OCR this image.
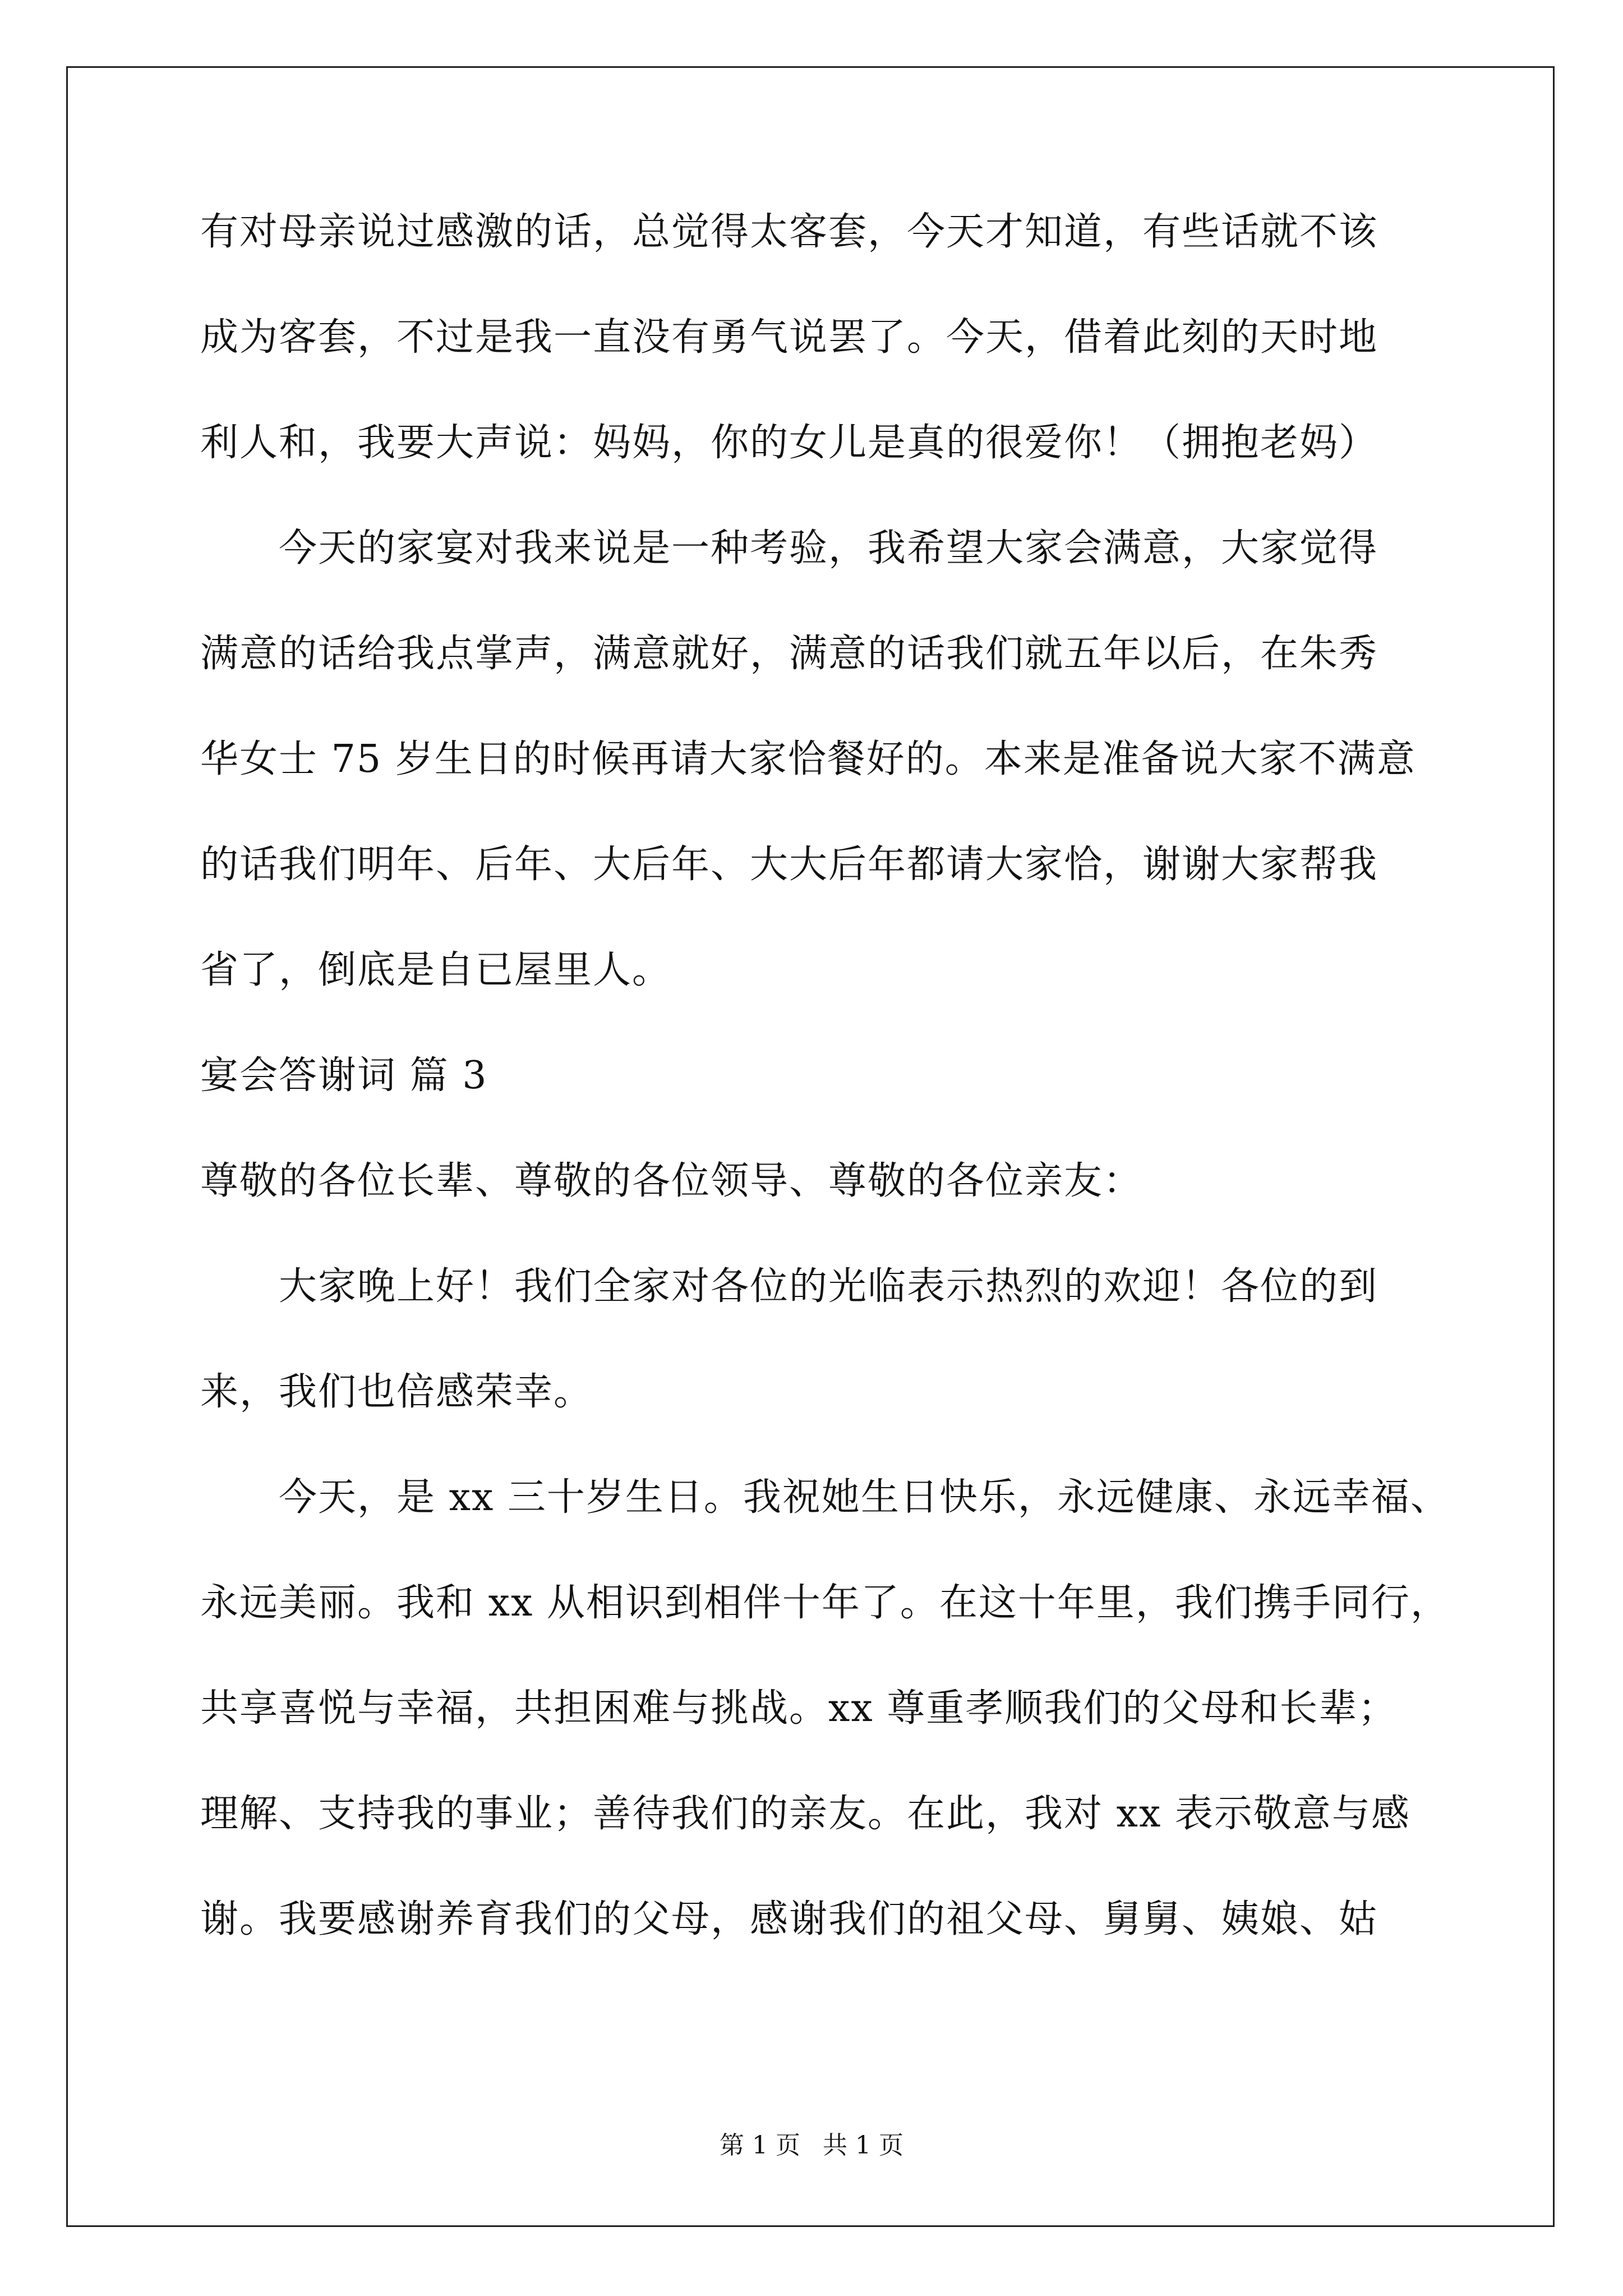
有对母亲说过感激的话，总觉得太客套，今天才知道，有些话就不该
成为客套，不过是我一直没有勇气说罢了。今天，借着此刻的天时地
利人和，我要大声说：妈妈，你的女儿是真的很爱你！（拥抱老妈）
今天的家宴对我来说是一种考验，我希望大家会满意，大家觉得
满意的话给我点掌声，满意就好，满意的话我们就五年以后，在朱秀
华女士 75 岁生日的时候再请大家恰餐好的。本来是准备说大家不满意
的话我们明年、后年、大后年、大大后年都请大家恰，谢谢大家帮我
省了，倒底是自已屋里人。
宴会答谢词 篇 3
尊敬的各位长辈、尊敬的各位领导、尊敬的各位亲友：
大家晚上好！我们全家对各位的光临表示热烈的欢迎！各位的到
来，我们也倍感荣幸。
今天，是 xx 三十岁生日。我祝她生日快乐，永远健康、永远幸福、
永远美丽。我和 xx 从相识到相伴十年了。在这十年里，我们携手同行，
共享喜悦与幸福，共担困难与挑战。xx 尊重孝顺我们的父母和长辈；
理解、支持我的事业；善待我们的亲友。在此，我对 xx 表示敬意与感
谢。我要感谢养育我们的父母，感谢我们的祖父母、舅舅、姨娘、姑
第 1 页 共 1 页
